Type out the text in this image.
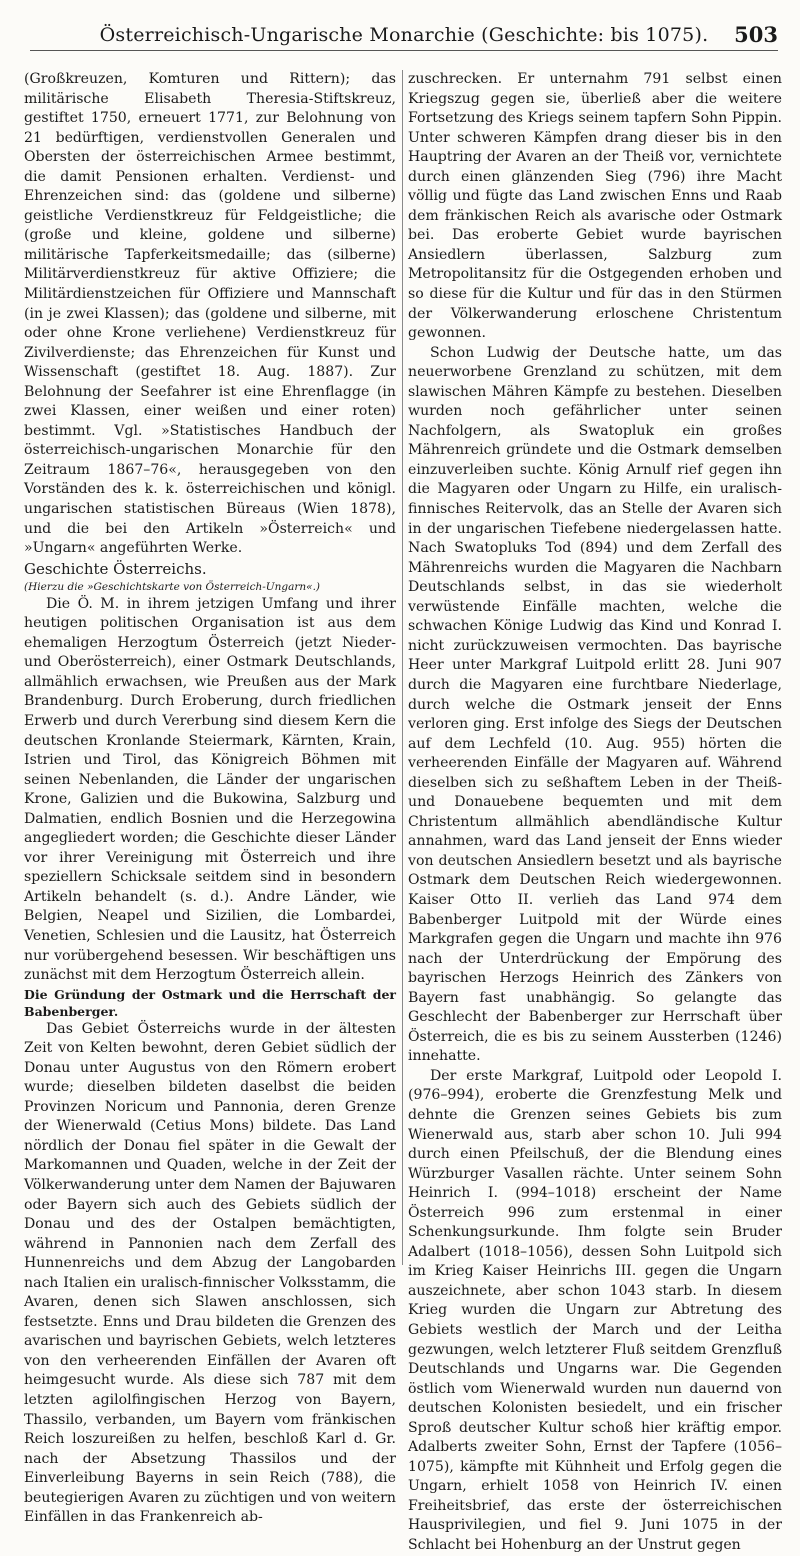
Österreichisch-Ungarische Monarchie (Geschichte: bis 1075).	503

(Großkreuzen, Komturen und Rittern); das militärische Elisabeth Theresia-Stiftskreuz, gestiftet 1750, erneuert 1771, zur Belohnung von 21 bedürftigen, verdienstvollen Generalen und Obersten der österreichischen Armee bestimmt, die damit Pensionen erhalten. Verdienst- und Ehrenzeichen sind: das (goldene und silberne) geistliche Verdienstkreuz für Feldgeistliche; die (große und kleine, goldene und silberne) militärische Tapferkeitsmedaille; das (silberne) Militärverdienstkreuz für aktive Offiziere; die Militärdienstzeichen für Offiziere und Mannschaft (in je zwei Klassen); das (goldene und silberne, mit oder ohne Krone verliehene) Verdienstkreuz für Zivilverdienste; das Ehrenzeichen für Kunst und Wissenschaft (gestiftet 18. Aug. 1887). Zur Belohnung der Seefahrer ist eine Ehrenflagge (in zwei Klassen, einer weißen und einer roten) bestimmt. Vgl. »Statistisches Handbuch der österreichisch-ungarischen Monarchie für den Zeitraum 1867–76«, herausgegeben von den Vorständen des k. k. österreichischen und königl. ungarischen statistischen Büreaus (Wien 1878), und die bei den Artikeln »Österreich« und »Ungarn« angeführten Werke.

Geschichte Österreichs.

(Hierzu die »Geschichtskarte von Österreich-Ungarn«.)

Die Ö. M. in ihrem jetzigen Umfang und ihrer heutigen politischen Organisation ist aus dem ehemaligen Herzogtum Österreich (jetzt Nieder- und Oberösterreich), einer Ostmark Deutschlands, allmählich erwachsen, wie Preußen aus der Mark Brandenburg. Durch Eroberung, durch friedlichen Erwerb und durch Vererbung sind diesem Kern die deutschen Kronlande Steiermark, Kärnten, Krain, Istrien und Tirol, das Königreich Böhmen mit seinen Nebenlanden, die Länder der ungarischen Krone, Galizien und die Bukowina, Salzburg und Dalmatien, endlich Bosnien und die Herzegowina angegliedert worden; die Geschichte dieser Länder vor ihrer Vereinigung mit Österreich und ihre speziellern Schicksale seitdem sind in besondern Artikeln behandelt (s. d.). Andre Länder, wie Belgien, Neapel und Sizilien, die Lombardei, Venetien, Schlesien und die Lausitz, hat Österreich nur vorübergehend besessen. Wir beschäftigen uns zunächst mit dem Herzogtum Österreich allein.

Die Gründung der Ostmark und die Herrschaft der Babenberger.

Das Gebiet Österreichs wurde in der ältesten Zeit von Kelten bewohnt, deren Gebiet südlich der Donau unter Augustus von den Römern erobert wurde; dieselben bildeten daselbst die beiden Provinzen Noricum und Pannonia, deren Grenze der Wienerwald (Cetius Mons) bildete. Das Land nördlich der Donau fiel später in die Gewalt der Markomannen und Quaden, welche in der Zeit der Völkerwanderung unter dem Namen der Bajuwaren oder Bayern sich auch des Gebiets südlich der Donau und des der Ostalpen bemächtigten, während in Pannonien nach dem Zerfall des Hunnenreichs und dem Abzug der Langobarden nach Italien ein uralisch-finnischer Volksstamm, die Avaren, denen sich Slawen anschlossen, sich festsetzte. Enns und Drau bildeten die Grenzen des avarischen und bayrischen Gebiets, welch letzteres von den verheerenden Einfällen der Avaren oft heimgesucht wurde. Als diese sich 787 mit dem letzten agilolfingischen Herzog von Bayern, Thassilo, verbanden, um Bayern vom fränkischen Reich loszureißen zu helfen, beschloß Karl d. Gr. nach der Absetzung Thassilos und der Einverleibung Bayerns in sein Reich (788), die beutegierigen Avaren zu züchtigen und von weitern Einfällen in das Frankenreich ab-

zuschrecken. Er unternahm 791 selbst einen Kriegszug gegen sie, überließ aber die weitere Fortsetzung des Kriegs seinem tapfern Sohn Pippin. Unter schweren Kämpfen drang dieser bis in den Hauptring der Avaren an der Theiß vor, vernichtete durch einen glänzenden Sieg (796) ihre Macht völlig und fügte das Land zwischen Enns und Raab dem fränkischen Reich als avarische oder Ostmark bei. Das eroberte Gebiet wurde bayrischen Ansiedlern überlassen, Salzburg zum Metropolitansitz für die Ostgegenden erhoben und so diese für die Kultur und für das in den Stürmen der Völkerwanderung erloschene Christentum gewonnen.

Schon Ludwig der Deutsche hatte, um das neuerworbene Grenzland zu schützen, mit dem slawischen Mähren Kämpfe zu bestehen. Dieselben wurden noch gefährlicher unter seinen Nachfolgern, als Swatopluk ein großes Mährenreich gründete und die Ostmark demselben einzuverleiben suchte. König Arnulf rief gegen ihn die Magyaren oder Ungarn zu Hilfe, ein uralisch-finnisches Reitervolk, das an Stelle der Avaren sich in der ungarischen Tiefebene niedergelassen hatte. Nach Swatopluks Tod (894) und dem Zerfall des Mährenreichs wurden die Magyaren die Nachbarn Deutschlands selbst, in das sie wiederholt verwüstende Einfälle machten, welche die schwachen Könige Ludwig das Kind und Konrad I. nicht zurückzuweisen vermochten. Das bayrische Heer unter Markgraf Luitpold erlitt 28. Juni 907 durch die Magyaren eine furchtbare Niederlage, durch welche die Ostmark jenseit der Enns verloren ging. Erst infolge des Siegs der Deutschen auf dem Lechfeld (10. Aug. 955) hörten die verheerenden Einfälle der Magyaren auf. Während dieselben sich zu seßhaftem Leben in der Theiß- und Donauebene bequemten und mit dem Christentum allmählich abendländische Kultur annahmen, ward das Land jenseit der Enns wieder von deutschen Ansiedlern besetzt und als bayrische Ostmark dem Deutschen Reich wiedergewonnen. Kaiser Otto II. verlieh das Land 974 dem Babenberger Luitpold mit der Würde eines Markgrafen gegen die Ungarn und machte ihn 976 nach der Unterdrückung der Empörung des bayrischen Herzogs Heinrich des Zänkers von Bayern fast unabhängig. So gelangte das Geschlecht der Babenberger zur Herrschaft über Österreich, die es bis zu seinem Aussterben (1246) innehatte.

Der erste Markgraf, Luitpold oder Leopold I. (976–994), eroberte die Grenzfestung Melk und dehnte die Grenzen seines Gebiets bis zum Wienerwald aus, starb aber schon 10. Juli 994 durch einen Pfeilschuß, der die Blendung eines Würzburger Vasallen rächte. Unter seinem Sohn Heinrich I. (994–1018) erscheint der Name Österreich 996 zum erstenmal in einer Schenkungsurkunde. Ihm folgte sein Bruder Adalbert (1018–1056), dessen Sohn Luitpold sich im Krieg Kaiser Heinrichs III. gegen die Ungarn auszeichnete, aber schon 1043 starb. In diesem Krieg wurden die Ungarn zur Abtretung des Gebiets westlich der March und der Leitha gezwungen, welch letzterer Fluß seitdem Grenzfluß Deutschlands und Ungarns war. Die Gegenden östlich vom Wienerwald wurden nun dauernd von deutschen Kolonisten besiedelt, und ein frischer Sproß deutscher Kultur schoß hier kräftig empor. Adalberts zweiter Sohn, Ernst der Tapfere (1056–1075), kämpfte mit Kühnheit und Erfolg gegen die Ungarn, erhielt 1058 von Heinrich IV. einen Freiheitsbrief, das erste der österreichischen Hausprivilegien, und fiel 9. Juni 1075 in der Schlacht bei Hohenburg an der Unstrut gegen
